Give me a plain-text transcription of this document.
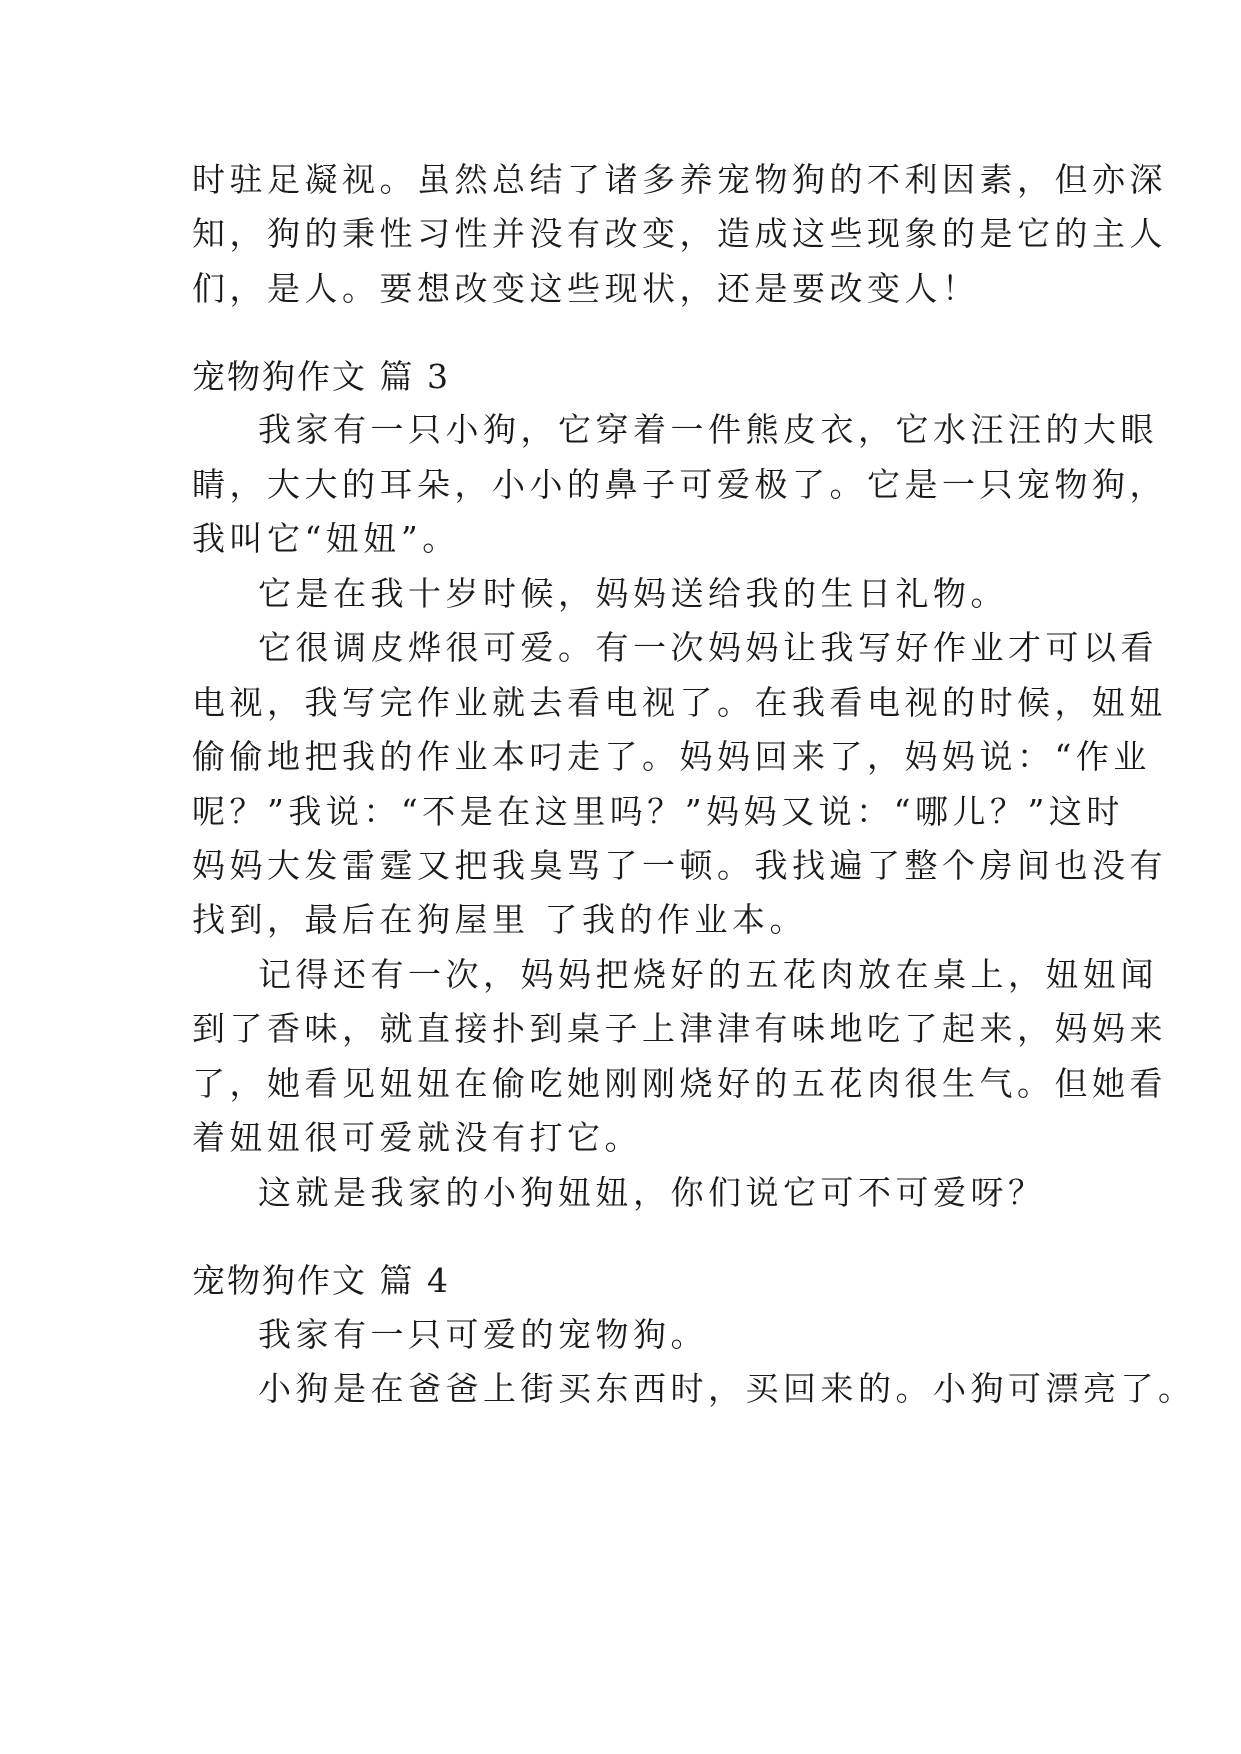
时驻足凝视。虽然总结了诸多养宠物狗的不利因素，但亦深
知，狗的秉性习性并没有改变，造成这些现象的是它的主人
们，是人。要想改变这些现状，还是要改变人！
宠物狗作文 篇 3
我家有一只小狗，它穿着一件熊皮衣，它水汪汪的大眼
睛，大大的耳朵，小小的鼻子可爱极了。它是一只宠物狗，
我叫它“妞妞”。
它是在我十岁时候，妈妈送给我的生日礼物。
它很调皮烨很可爱。有一次妈妈让我写好作业才可以看
电视，我写完作业就去看电视了。在我看电视的时候，妞妞
偷偷地把我的作业本叼走了。妈妈回来了，妈妈说：“作业
呢？”我说：“不是在这里吗？”妈妈又说：“哪儿？”这时
妈妈大发雷霆又把我臭骂了一顿。我找遍了整个房间也没有
找到，最后在狗屋里 了我的作业本。
记得还有一次，妈妈把烧好的五花肉放在桌上，妞妞闻
到了香味，就直接扑到桌子上津津有味地吃了起来，妈妈来
了，她看见妞妞在偷吃她刚刚烧好的五花肉很生气。但她看
着妞妞很可爱就没有打它。
这就是我家的小狗妞妞，你们说它可不可爱呀？
宠物狗作文 篇 4
我家有一只可爱的宠物狗。
小狗是在爸爸上街买东西时，买回来的。小狗可漂亮了。
